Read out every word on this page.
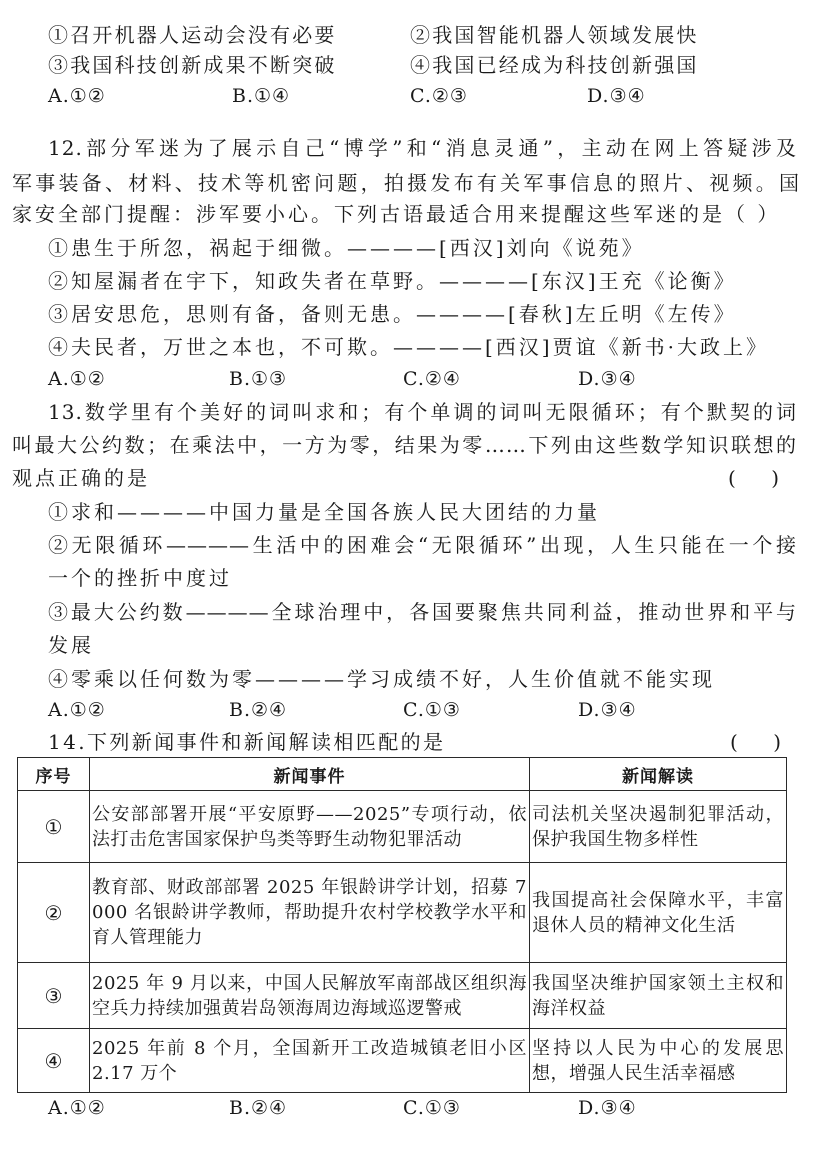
①召开机器人运动会没有必要	②我国智能机器人领域发展快
③我国科技创新成果不断突破	④我国已经成为科技创新强国
A.①②	B.①④	C.②③	D.③④
12.部分军迷为了展示自己“博学”和“消息灵通”，主动在网上答疑涉及
军事装备、材料、技术等机密问题，拍摄发布有关军事信息的照片、视频。国
家安全部门提醒：涉军要小心。下列古语最适合用来提醒这些军迷的是（ ）
①患生于所忽，祸起于细微。————[西汉]刘向《说苑》
②知屋漏者在宇下，知政失者在草野。————[东汉]王充《论衡》
③居安思危，思则有备，备则无患。————[春秋]左丘明《左传》
④夫民者，万世之本也，不可欺。————[西汉]贾谊《新书·大政上》
A.①②	B.①③	C.②④	D.③④
13.数学里有个美好的词叫求和；有个单调的词叫无限循环；有个默契的词
叫最大公约数；在乘法中，一方为零，结果为零……下列由这些数学知识联想的
观点正确的是	(    )
①求和————中国力量是全国各族人民大团结的力量
②无限循环————生活中的困难会“无限循环”出现，人生只能在一个接
一个的挫折中度过
③最大公约数————全球治理中，各国要聚焦共同利益，推动世界和平与
发展
④零乘以任何数为零————学习成绩不好，人生价值就不能实现
A.①②	B.②④	C.①③	D.③④
14.下列新闻事件和新闻解读相匹配的是	(    )
序号	新闻事件	新闻解读
①	公安部部署开展“平安原野——2025”专项行动，依法打击危害国家保护鸟类等野生动物犯罪活动	司法机关坚决遏制犯罪活动，保护我国生物多样性

②	教育部、财政部部署 2025 年银龄讲学计划，招募 7 000 名银龄讲学教师，帮助提升农村学校教学水平和育人管理能力	我国提高社会保障水平，丰富退休人员的精神文化生活

③	2025 年 9 月以来，中国人民解放军南部战区组织海空兵力持续加强黄岩岛领海周边海域巡逻警戒	我国坚决维护国家领土主权和海洋权益

④	2025 年前 8 个月，全国新开工改造城镇老旧小区 2.17 万个	坚持以人民为中心的发展思想，增强人民生活幸福感
A.①②	B.②④	C.①③	D.③④
